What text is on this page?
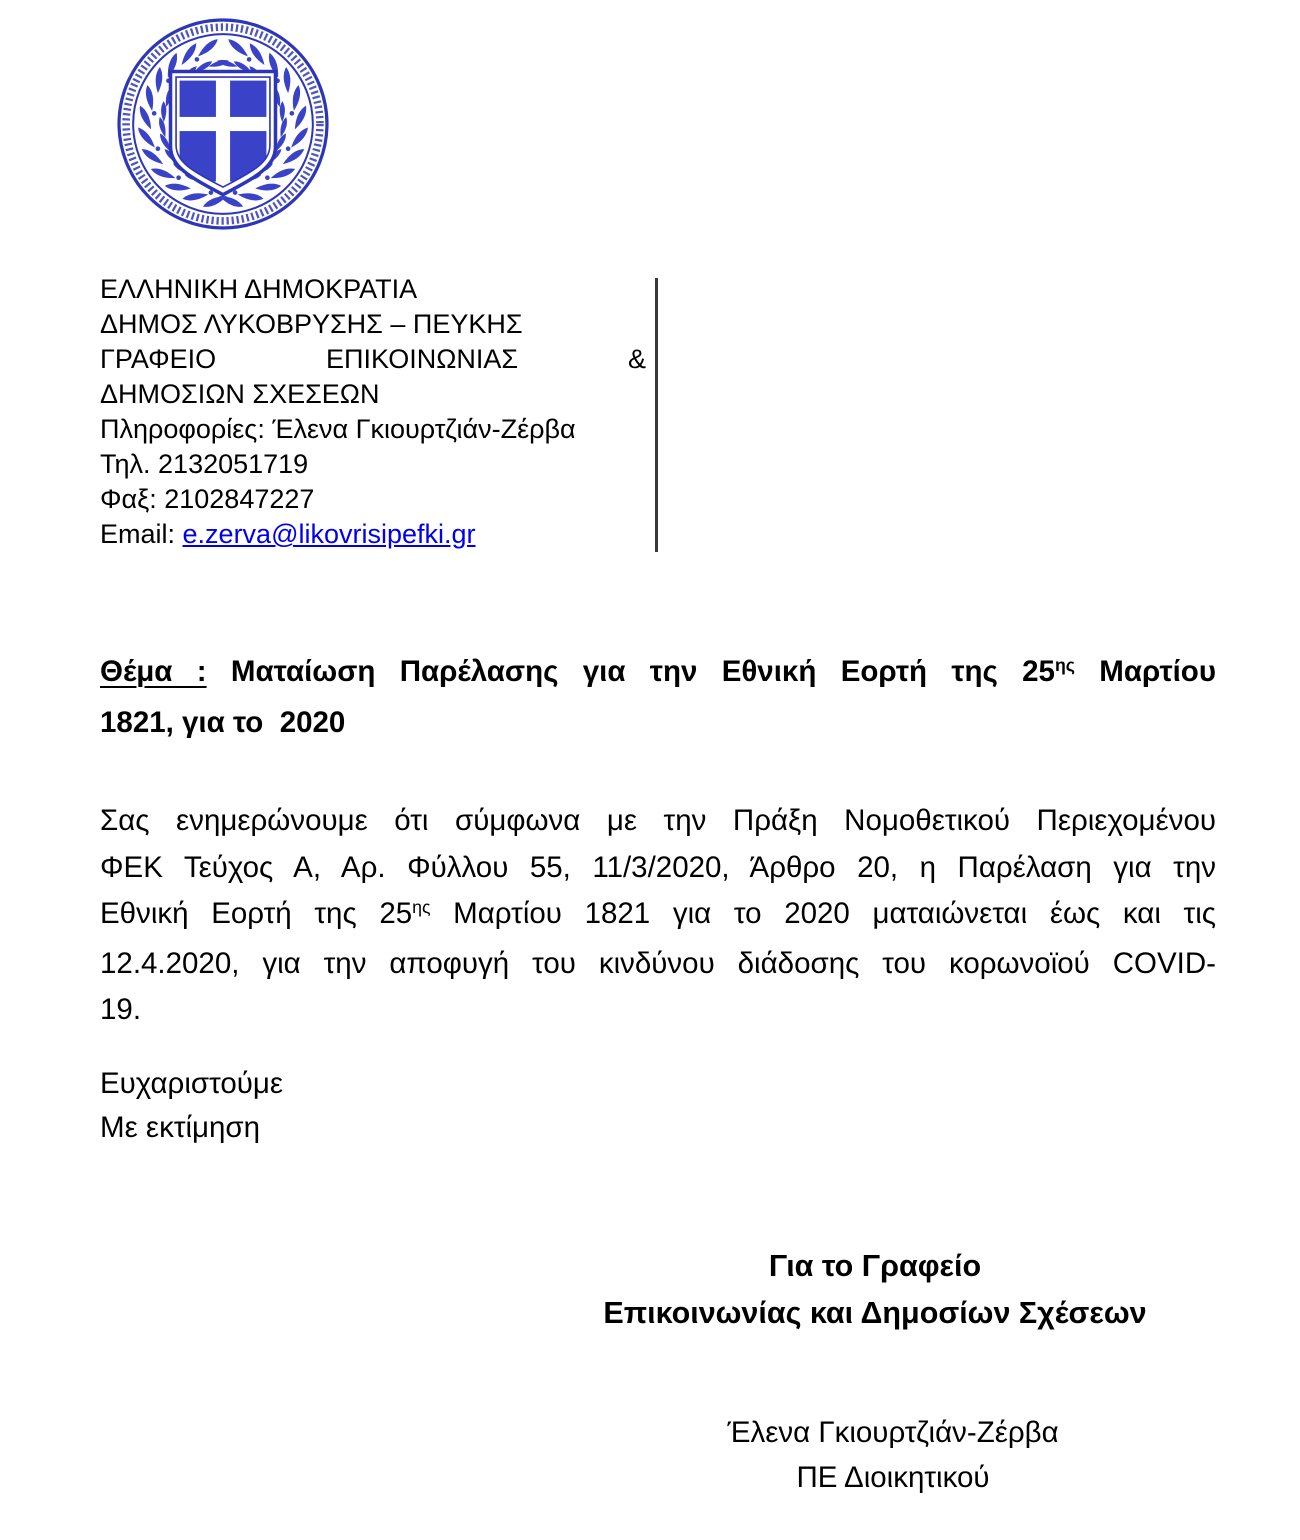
ΕΛΛΗΝΙΚΗ ΔΗΜΟΚΡΑΤΙΑ
ΔΗΜΟΣ ΛΥΚΟΒΡΥΣΗΣ – ΠΕΥΚΗΣ
ΓΡΑΦΕΙΟ	ΕΠΙΚΟΙΝΩΝΙΑΣ	&
ΔΗΜΟΣΙΩΝ ΣΧΕΣΕΩΝ
Πληροφορίες: Έλενα Γκιουρτζιάν-Ζέρβα
Τηλ. 2132051719
Φαξ: 2102847227
Email: e.zerva@likovrisipefki.gr
Θέμα : Ματαίωση Παρέλασης για την Εθνική Εορτή της $25^{\eta\varsigma}$ Μαρτίου
1821, για το  2020
Σας ενημερώνουμε ότι σύμφωνα με την Πράξη Νομοθετικού Περιεχομένου
ΦΕΚ Τεύχος Α, Αρ. Φύλλου 55, 11/3/2020, Άρθρο 20, η Παρέλαση για την
Εθνική Εορτή της $25^{\eta\varsigma}$ Μαρτίου 1821 για το 2020 ματαιώνεται έως και τις
12.4.2020, για την αποφυγή του κινδύνου διάδοσης του κορωνοϊού COVID-
19.
Ευχαριστούμε
Με εκτίμηση
Για το Γραφείο
Επικοινωνίας και Δημοσίων Σχέσεων
Έλενα Γκιουρτζιάν-Ζέρβα
ΠΕ Διοικητικού
